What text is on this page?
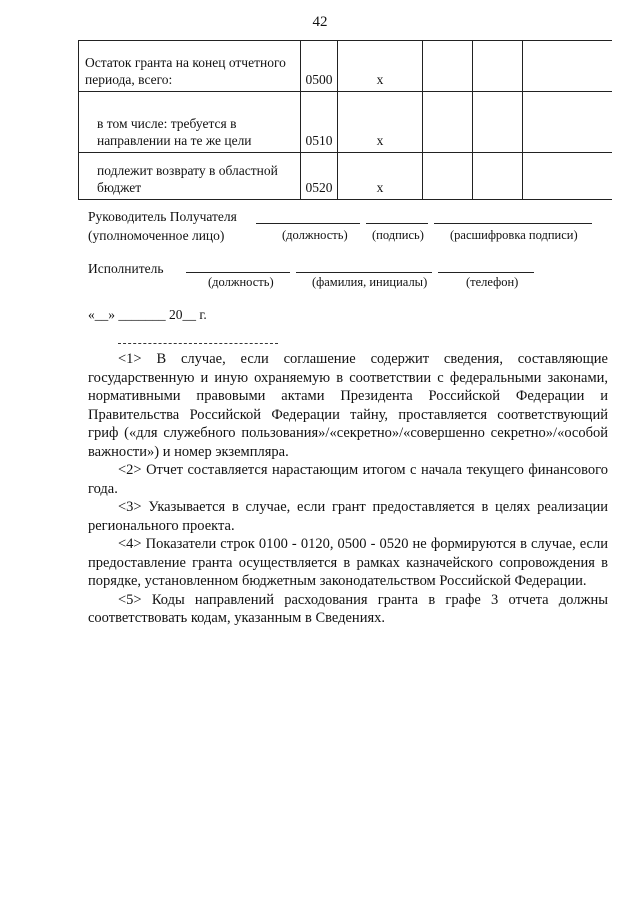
42
Остаток гранта на конец отчетного периода, всего:	0500	x			
в том числе: требуется в направлении на те же цели	0510	x			
подлежит возврату в областной бюджет	0520	x			
Руководитель Получателя
(уполномоченное лицо)	(должность) (подпись) (расшифровка подписи)
Исполнитель
(должность)	(фамилия, инициалы)	(телефон)
«__» _______ 20__ г.

<1> В случае, если соглашение содержит сведения, составляющие государственную и иную охраняемую в соответствии с федеральными законами, нормативными правовыми актами Президента Российской Федерации и Правительства Российской Федерации тайну, проставляется соответствующий гриф («для служебного пользования»/«секретно»/«совершенно секретно»/«особой важности») и номер экземпляра.

<2> Отчет составляется нарастающим итогом с начала текущего финансового года.

<3> Указывается в случае, если грант предоставляется в целях реализации регионального проекта.

<4> Показатели строк 0100 - 0120, 0500 - 0520 не формируются в случае, если предоставление гранта осуществляется в рамках казначейского сопровождения в порядке, установленном бюджетным законодательством Российской Федерации.

<5> Коды направлений расходования гранта в графе 3 отчета должны соответствовать кодам, указанным в Сведениях.
